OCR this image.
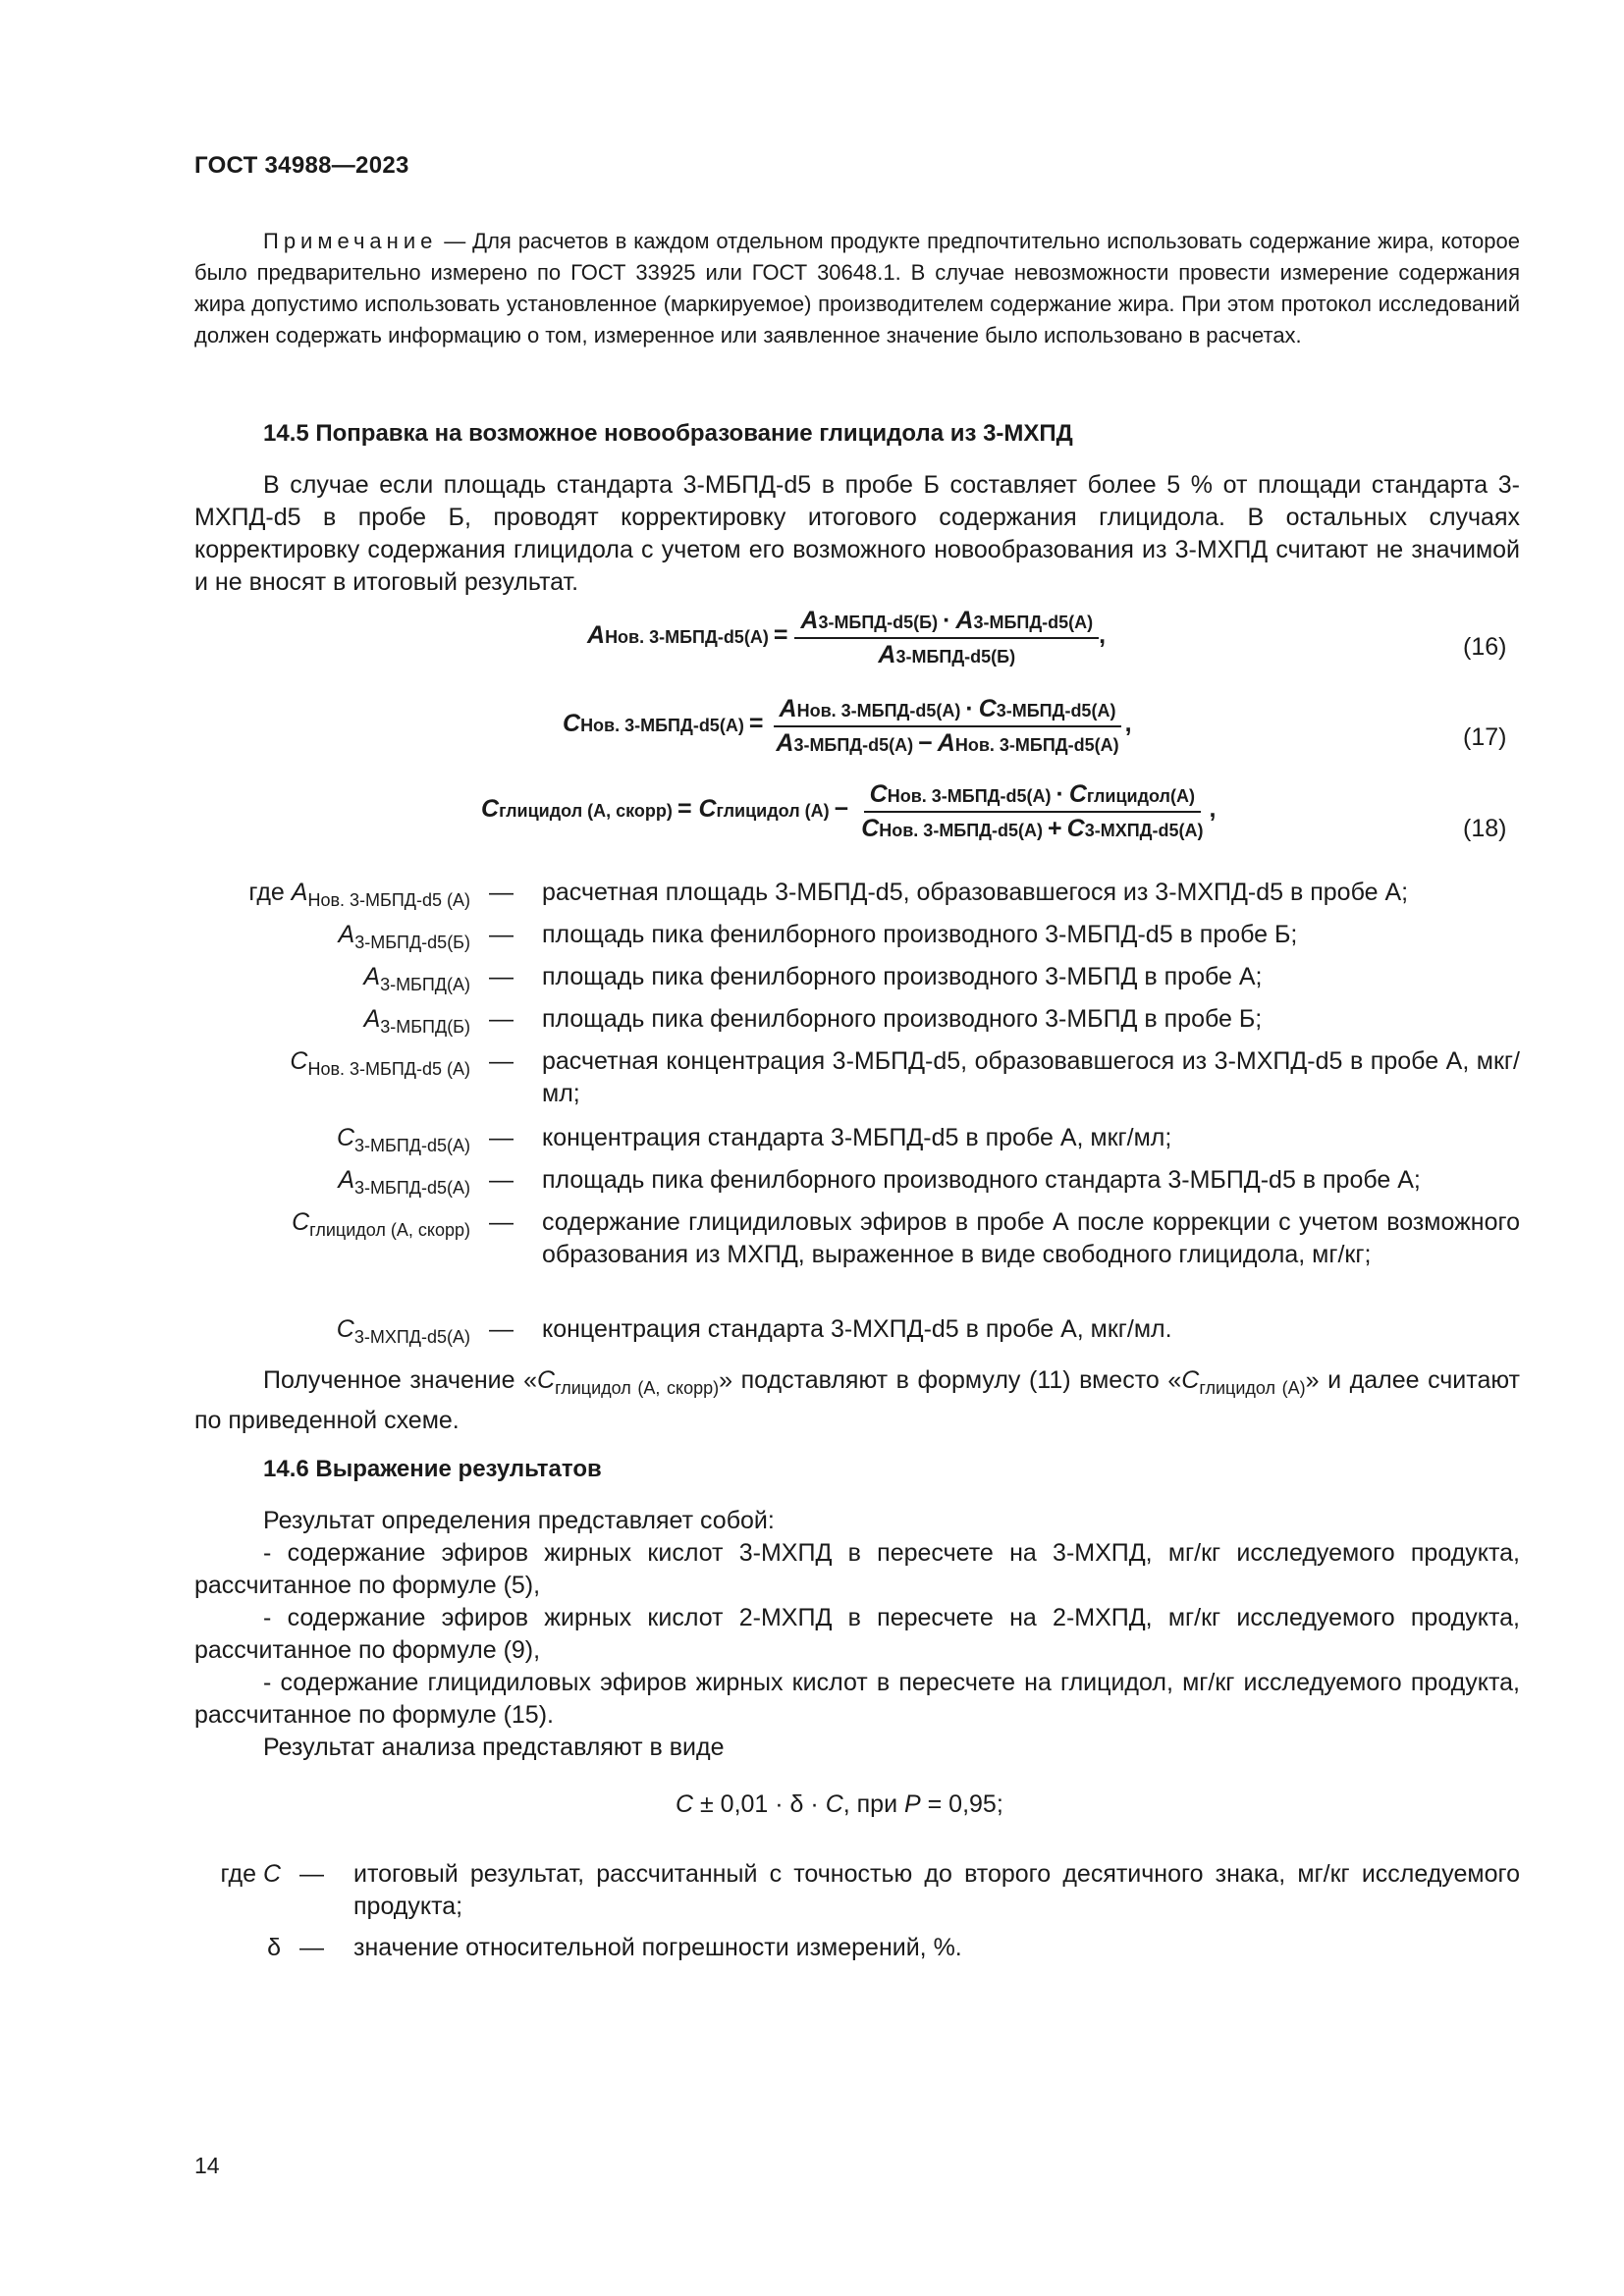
ГОСТ 34988—2023
Примечание — Для расчетов в каждом отдельном продукте предпочтительно использовать содержание жира, которое было предварительно измерено по ГОСТ 33925 или ГОСТ 30648.1. В случае невозможности провести измерение содержания жира допустимо использовать установленное (маркируемое) производителем содержание жира. При этом протокол исследований должен содержать информацию о том, измеренное или заявленное значение было использовано в расчетах.
14.5 Поправка на возможное новообразование глицидола из 3-МХПД
В случае если площадь стандарта 3-МБПД-d5 в пробе Б составляет более 5 % от площади стандарта 3-МХПД-d5 в пробе Б, проводят корректировку итогового содержания глицидола. В остальных случаях корректировку содержания глицидола с учетом его возможного новообразования из 3-МХПД считают не значимой и не вносят в итоговый результат.
AНов. 3-МБПД-d5(A) = $\frac{\text{A3-МБПД-d5(Б) · A3-МБПД-d5(A)}}{\text{A3-МБПД-d5(Б)}}$ ,	(16)
CНов. 3-МБПД-d5(A) = $\frac{\text{AНов. 3-МБПД-d5(A) · C3-МБПД-d5(A)}}{\text{A3-МБПД-d5(A) − AНов. 3-МБПД-d5(A)}}$ ,
(17)
Cглицидол (A, скорр) = Cглицидол $(A) - \frac{\text{CНов. 3-МБПД-d5(A) · Cглицидол(A)}}{\text{CНов. 3-МБПД-d5(A) + C3-МХПД-d5(A)}}$ ,
(18)
где $A_{Нов. 3-МБПД-d5 (A)}$ — расчетная площадь 3-МБПД-d5, образовавшегося из 3-МХПД-d5 в пробе А;
$A_{3-МБПД-d5(Б)}$ — площадь пика фенилборного производного 3-МБПД-d5 в пробе Б;
$A_{3-МБПД(A)}$ — площадь пика фенилборного производного 3-МБПД в пробе А;
$A_{3-МБПД(Б)}$ — площадь пика фенилборного производного 3-МБПД в пробе Б;
$C_{Нов. 3-МБПД-d5 (A)}$ — расчетная концентрация 3-МБПД-d5, образовавшегося из 3-МХПД-d5 в пробе А, мкг/мл;
$C_{3-МБПД-d5(A)}$ — концентрация стандарта 3-МБПД-d5 в пробе А, мкг/мл;
$A_{3-МБПД-d5(A)}$ — площадь пика фенилборного производного стандарта 3-МБПД-d5 в пробе А;
$C_{глицидол (A, скорр)}$ — содержание глицидиловых эфиров в пробе А после коррекции с учетом возможного образования из МХПД, выраженное в виде свободного глицидола, мг/кг;
$C_{3-МХПД-d5(A)}$ — концентрация стандарта 3-МХПД-d5 в пробе А, мкг/мл.
Полученное значение «$C_{глицидол (A, скорр)}$» подставляют в формулу (11) вместо «$C_{глицидол (A)}$» и далее считают по приведенной схеме.
14.6 Выражение результатов
Результат определения представляет собой:
- содержание эфиров жирных кислот 3-МХПД в пересчете на 3-МХПД, мг/кг исследуемого продукта, рассчитанное по формуле (5),
- содержание эфиров жирных кислот 2-МХПД в пересчете на 2-МХПД, мг/кг исследуемого продукта, рассчитанное по формуле (9),
- содержание глицидиловых эфиров жирных кислот в пересчете на глицидол, мг/кг исследуемого продукта, рассчитанное по формуле (15).
Результат анализа представляют в виде
C ± 0,01 · δ · C, при P = 0,95;
где C — итоговый результат, рассчитанный с точностью до второго десятичного знака, мг/кг исследуемого продукта;
δ — значение относительной погрешности измерений, %.
14
